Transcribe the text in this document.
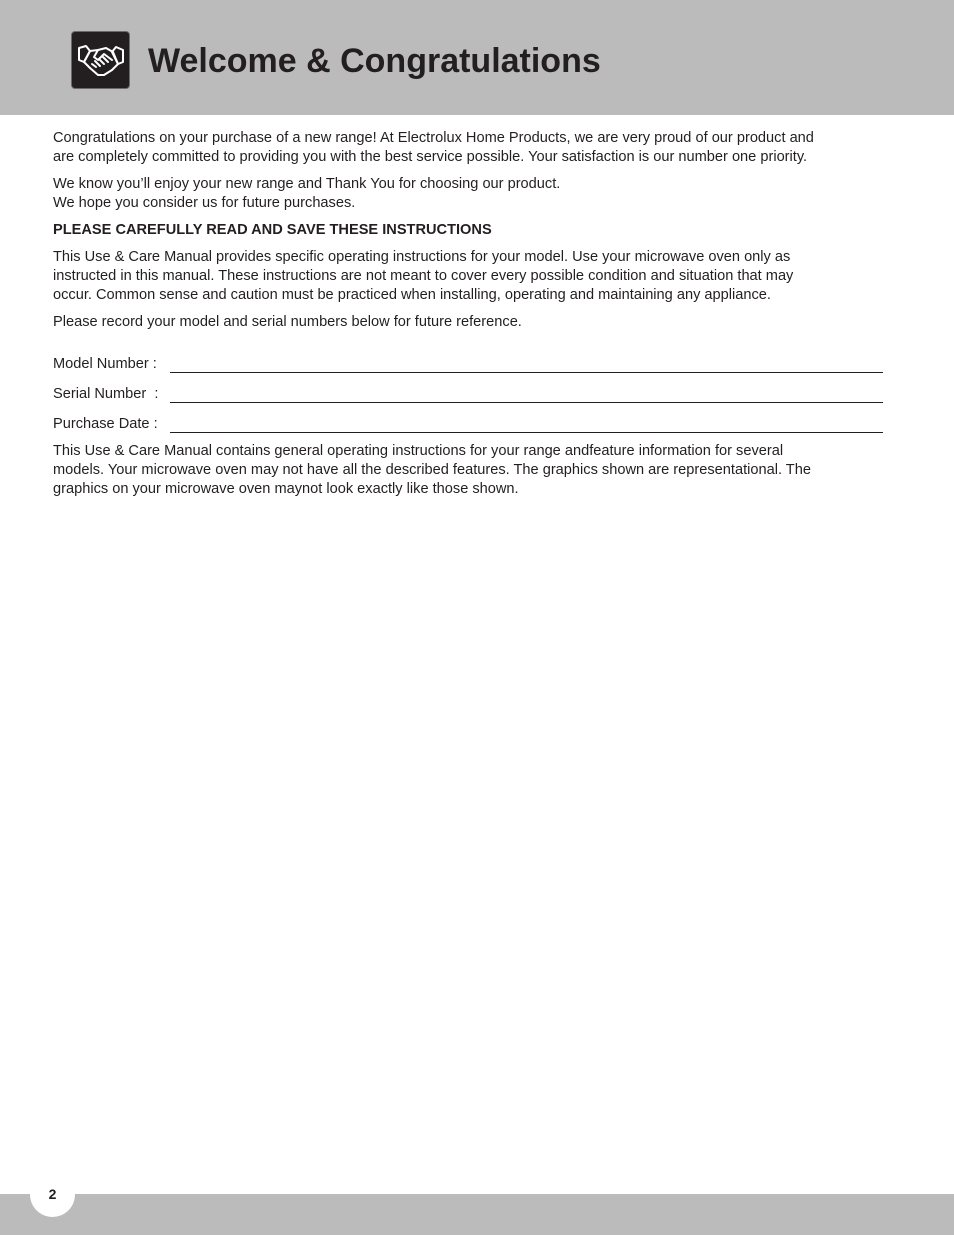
Welcome & Congratulations

Congratulations on your purchase of a new range! At Electrolux Home Products, we are very proud of our product and
are completely committed to providing you with the best service possible. Your satisfaction is our number one priority.

We know you’ll enjoy your new range and Thank You for choosing our product.
We hope you consider us for future purchases.

PLEASE CAREFULLY READ AND SAVE THESE INSTRUCTIONS

This Use & Care Manual provides specific operating instructions for your model. Use your microwave oven only as
instructed in this manual. These instructions are not meant to cover every possible condition and situation that may
occur. Common sense and caution must be practiced when installing, operating and maintaining any appliance.

Please record your model and serial numbers below for future reference.

Model Number :
Serial Number  :
Purchase Date :

This Use & Care Manual contains general operating instructions for your range andfeature information for several
models. Your microwave oven may not have all the described features. The graphics shown are representational. The
graphics on your microwave oven maynot look exactly like those shown.

2
